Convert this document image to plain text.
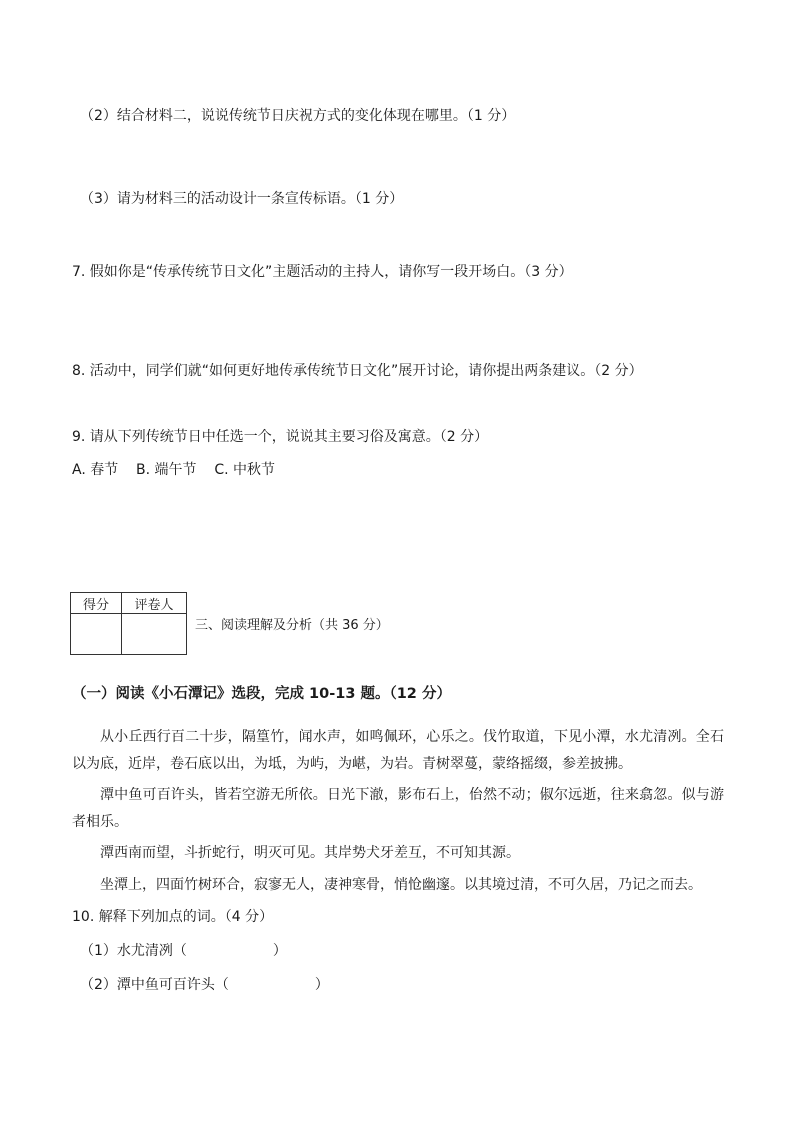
（2）结合材料二，说说传统节日庆祝方式的变化体现在哪里。（1 分）
（3）请为材料三的活动设计一条宣传标语。（1 分）
7. 假如你是“传承传统节日文化”主题活动的主持人，请你写一段开场白。（3 分）
8. 活动中，同学们就“如何更好地传承传统节日文化”展开讨论，请你提出两条建议。（2 分）
9. 请从下列传统节日中任选一个，说说其主要习俗及寓意。（2 分）
A. 春节    B. 端午节    C. 中秋节
得分	评卷人

三、阅读理解及分析（共 36 分）
（一）阅读《小石潭记》选段，完成 10-13 题。（12 分）
从小丘西行百二十步，隔篁竹，闻水声，如鸣佩环，心乐之。伐竹取道，下见小潭，水尤清冽。全石以为底，近岸，卷石底以出，为坻，为屿，为嵁，为岩。青树翠蔓，蒙络摇缀，参差披拂。
潭中鱼可百许头，皆若空游无所依。日光下澈，影布石上，佁然不动；俶尔远逝，往来翕忽。似与游者相乐。
潭西南而望，斗折蛇行，明灭可见。其岸势犬牙差互，不可知其源。
坐潭上，四面竹树环合，寂寥无人，凄神寒骨，悄怆幽邃。以其境过清，不可久居，乃记之而去。
10. 解释下列加点的词。（4 分）
（1）水尤清冽（	）
（2）潭中鱼可百许头（	）
